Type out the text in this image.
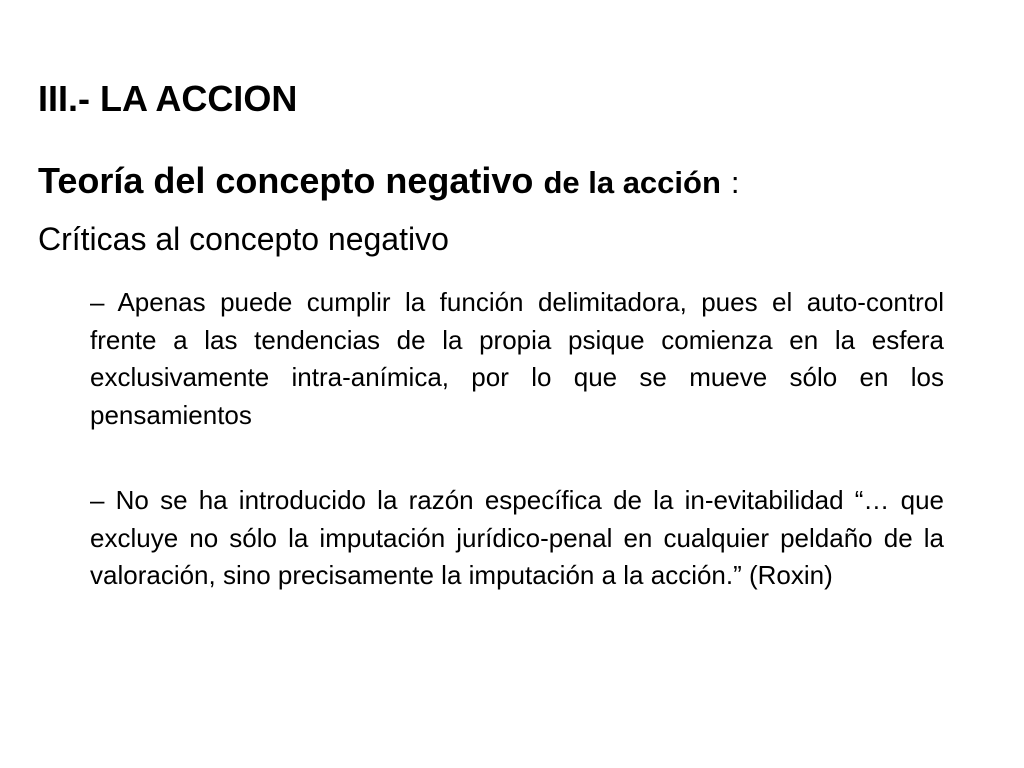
III.- LA ACCION
Teoría del concepto negativo de la acción :
Críticas al concepto negativo
– Apenas puede cumplir la función delimitadora, pues el auto-control frente a las tendencias de la propia psique comienza en la esfera exclusivamente intra-anímica, por lo que se mueve sólo en los pensamientos
– No se ha introducido la razón específica de la in-evitabilidad “… que excluye no sólo la imputación jurídico-penal en cualquier peldaño de la valoración, sino precisamente la imputación a la acción.” (Roxin)
